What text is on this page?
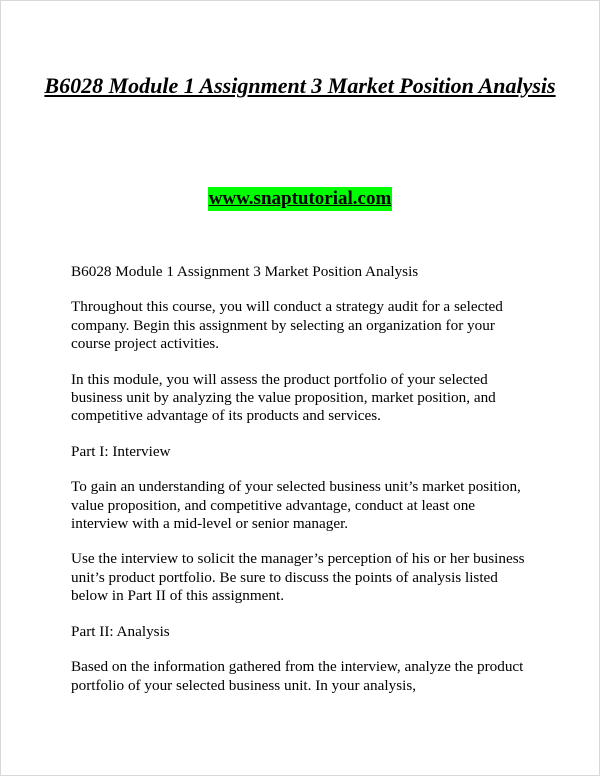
B6028 Module 1 Assignment 3 Market Position Analysis
www.snaptutorial.com

B6028 Module 1 Assignment 3 Market Position Analysis

Throughout this course, you will conduct a strategy audit for a selected company. Begin this assignment by selecting an organization for your course project activities.

In this module, you will assess the product portfolio of your selected business unit by analyzing the value proposition, market position, and competitive advantage of its products and services.

Part I: Interview

To gain an understanding of your selected business unit’s market position, value proposition, and competitive advantage, conduct at least one interview with a mid-level or senior manager.

Use the interview to solicit the manager’s perception of his or her business unit’s product portfolio. Be sure to discuss the points of analysis listed below in Part II of this assignment.

Part II: Analysis

Based on the information gathered from the interview, analyze the product portfolio of your selected business unit. In your analysis,
